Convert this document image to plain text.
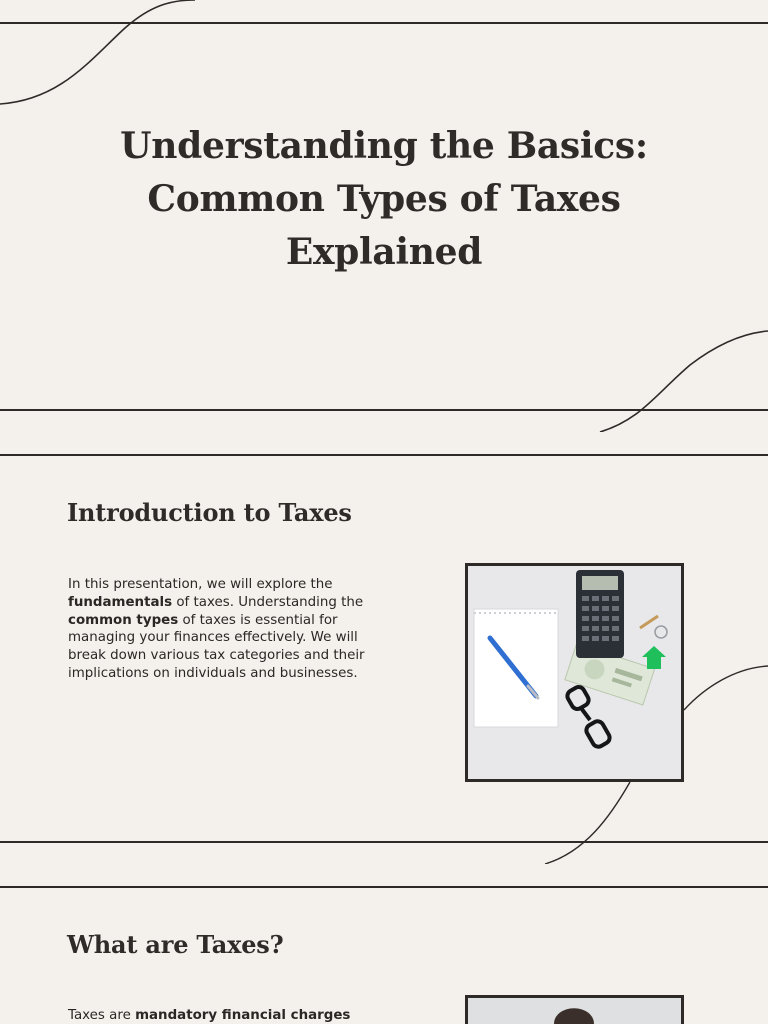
Understanding the Basics:
Common Types of Taxes
Explained
Introduction to Taxes

In this presentation, we will explore the fundamentals of taxes. Understanding the common types of taxes is essential for managing your finances effectively. We will break down various tax categories and their implications on individuals and businesses.

What are Taxes?

Taxes are mandatory financial charges
